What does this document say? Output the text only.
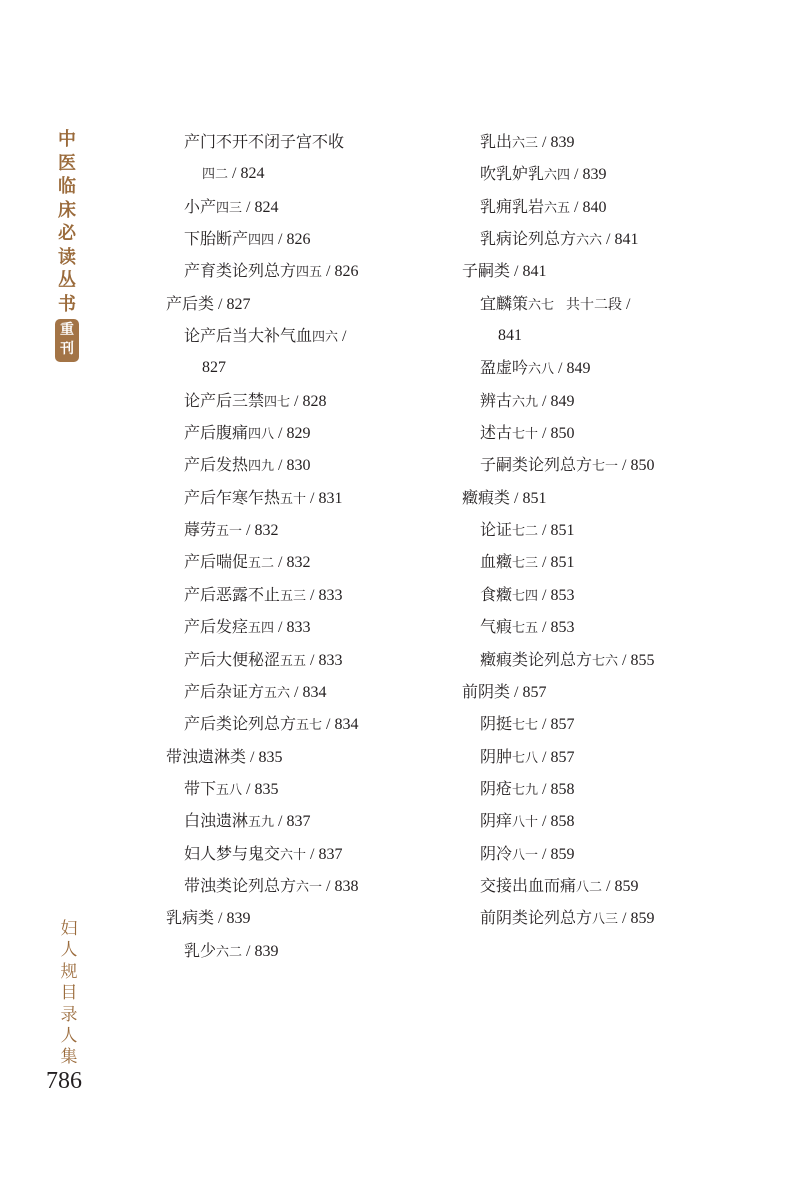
中
医
临
床
必
读
丛
书
重
刊
妇
人
规
目
录
人
集
786
产门不开不闭子宫不收
四二 / 824
小产 四三 / 824
下胎断产 四四 / 826
产育类论列总方 四五 / 826
产后类 / 827
论产后当大补气血 四六 /
827
论产后三禁 四七 / 828
产后腹痛 四八 / 829
产后发热 四九 / 830
产后乍寒乍热 五十 / 831
蓐劳 五一 / 832
产后喘促 五二 / 832
产后恶露不止 五三 / 833
产后发痉 五四 / 833
产后大便秘涩 五五 / 833
产后杂证方 五六 / 834
产后类论列总方 五七 / 834
带浊遗淋类 / 835
带下 五八 / 835
白浊遗淋 五九 / 837
妇人梦与鬼交 六十 / 837
带浊类论列总方 六一 / 838
乳病类 / 839
乳少 六二 / 839
乳出 六三 / 839
吹乳妒乳 六四 / 839
乳痈乳岩 六五 / 840
乳病论列总方 六六 / 841
子嗣类 / 841
宜麟策 六七 共十二段 /
841
盈虚吟 六八 / 849
辨古 六九 / 849
述古 七十 / 850
子嗣类论列总方 七一 / 850
癥瘕类 / 851
论证 七二 / 851
血癥 七三 / 851
食癥 七四 / 853
气瘕 七五 / 853
癥瘕类论列总方 七六 / 855
前阴类 / 857
阴挺 七七 / 857
阴肿 七八 / 857
阴疮 七九 / 858
阴痒 八十 / 858
阴冷 八一 / 859
交接出血而痛 八二 / 859
前阴类论列总方 八三 / 859
